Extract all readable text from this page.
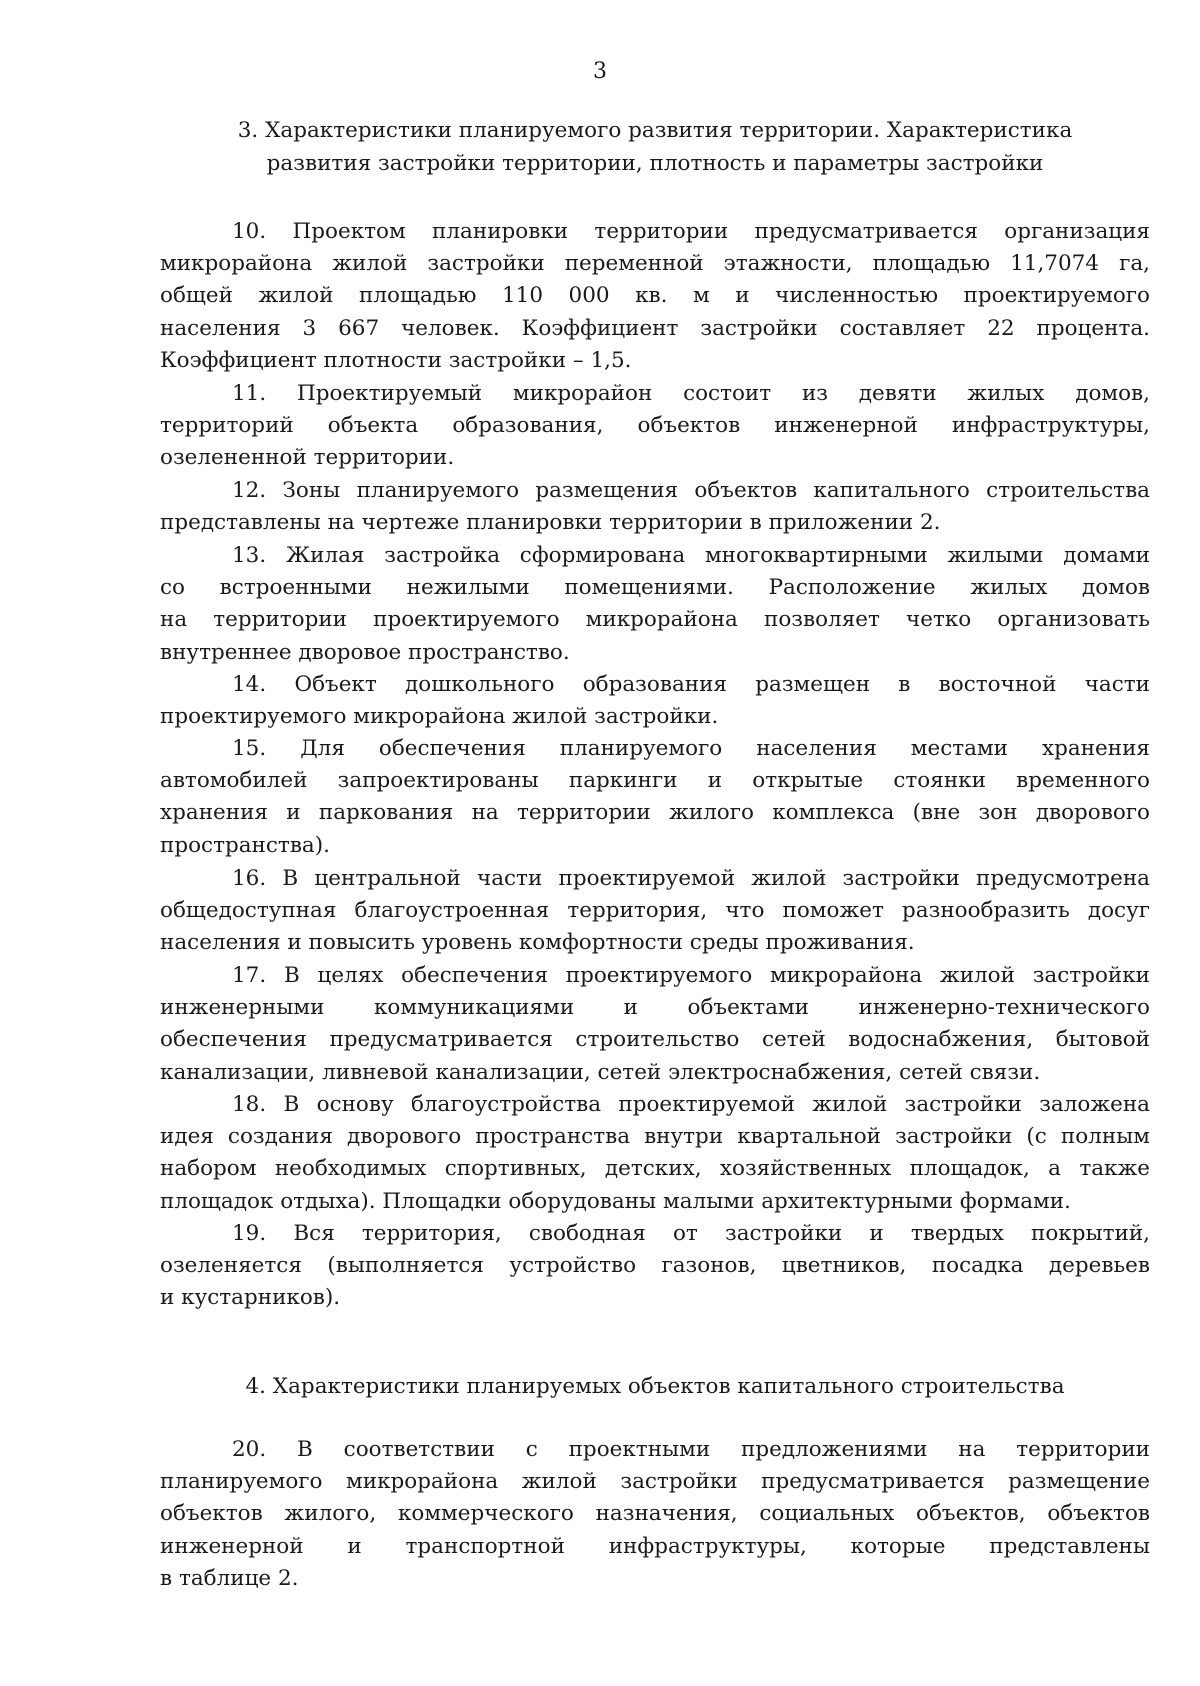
3
3. Характеристики планируемого развития территории. Характеристика
развития застройки территории, плотность и параметры застройки

10. Проектом планировки территории предусматривается организация
микрорайона жилой застройки переменной этажности, площадью 11,7074 га,
общей жилой площадью 110 000 кв. м и численностью проектируемого
населения 3 667 человек. Коэффициент застройки составляет 22 процента.
Коэффициент плотности застройки – 1,5.

11. Проектируемый микрорайон состоит из девяти жилых домов,
территорий объекта образования, объектов инженерной инфраструктуры,
озелененной территории.

12. Зоны планируемого размещения объектов капитального строительства
представлены на чертеже планировки территории в приложении 2.

13. Жилая застройка сформирована многоквартирными жилыми домами
со встроенными нежилыми помещениями. Расположение жилых домов
на территории проектируемого микрорайона позволяет четко организовать
внутреннее дворовое пространство.

14. Объект дошкольного образования размещен в восточной части
проектируемого микрорайона жилой застройки.

15. Для обеспечения планируемого населения местами хранения
автомобилей запроектированы паркинги и открытые стоянки временного
хранения и паркования на территории жилого комплекса (вне зон дворового
пространства).

16. В центральной части проектируемой жилой застройки предусмотрена
общедоступная благоустроенная территория, что поможет разнообразить досуг
населения и повысить уровень комфортности среды проживания.

17. В целях обеспечения проектируемого микрорайона жилой застройки
инженерными коммуникациями и объектами инженерно-технического
обеспечения предусматривается строительство сетей водоснабжения, бытовой
канализации, ливневой канализации, сетей электроснабжения, сетей связи.

18. В основу благоустройства проектируемой жилой застройки заложена
идея создания дворового пространства внутри квартальной застройки (с полным
набором необходимых спортивных, детских, хозяйственных площадок, а также
площадок отдыха). Площадки оборудованы малыми архитектурными формами.

19. Вся территория, свободная от застройки и твердых покрытий,
озеленяется (выполняется устройство газонов, цветников, посадка деревьев
и кустарников).

4. Характеристики планируемых объектов капитального строительства

20. В соответствии с проектными предложениями на территории
планируемого микрорайона жилой застройки предусматривается размещение
объектов жилого, коммерческого назначения, социальных объектов, объектов
инженерной и транспортной инфраструктуры, которые представлены
в таблице 2.
